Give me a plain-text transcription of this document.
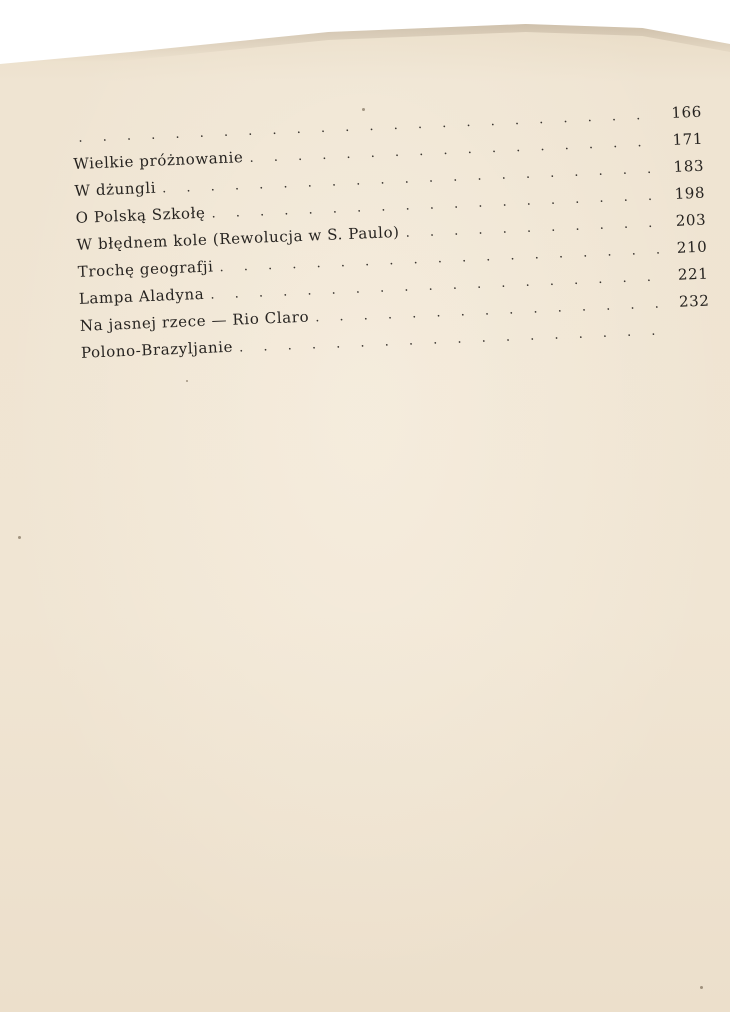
. . .
166
Wielkie próżnowanie
. . .
171
W dżungli
. . .
183
O Polską Szkołę
. . .
198
W błędnem kole (Rewolucja w S. Paulo)
. . .
203
Trochę geografji
. . .
210
Lampa Aladyna
. . .
221
Na jasnej rzece — Rio Claro
. . .
232
Polono-Brazyljanie
. . .
